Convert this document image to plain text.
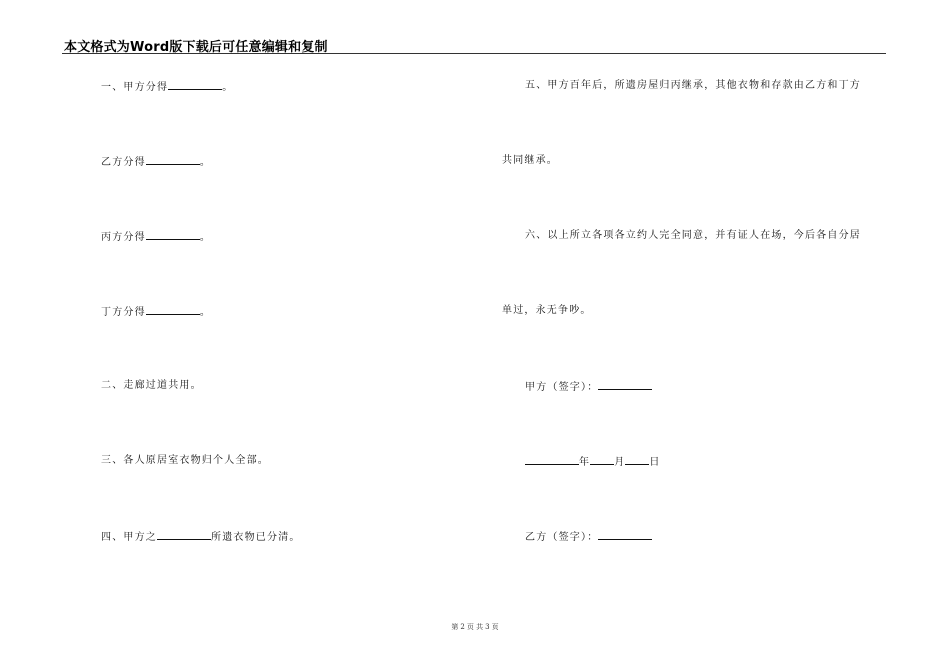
本文格式为Word版下载后可任意编辑和复制
一、甲方分得	。
乙方分得	。
丙方分得	。
丁方分得	。
二、走廊过道共用。
三、各人原居室衣物归个人全部。
四、甲方之	所遗衣物已分清。
五、甲方百年后，所遗房屋归丙继承，其他衣物和存款由乙方和丁方
共同继承。
六、以上所立各项各立约人完全同意，并有证人在场，今后各自分居
单过，永无争吵。
甲方（签字）：
年 月 日
乙方（签字）：
第 2 页 共 3 页
